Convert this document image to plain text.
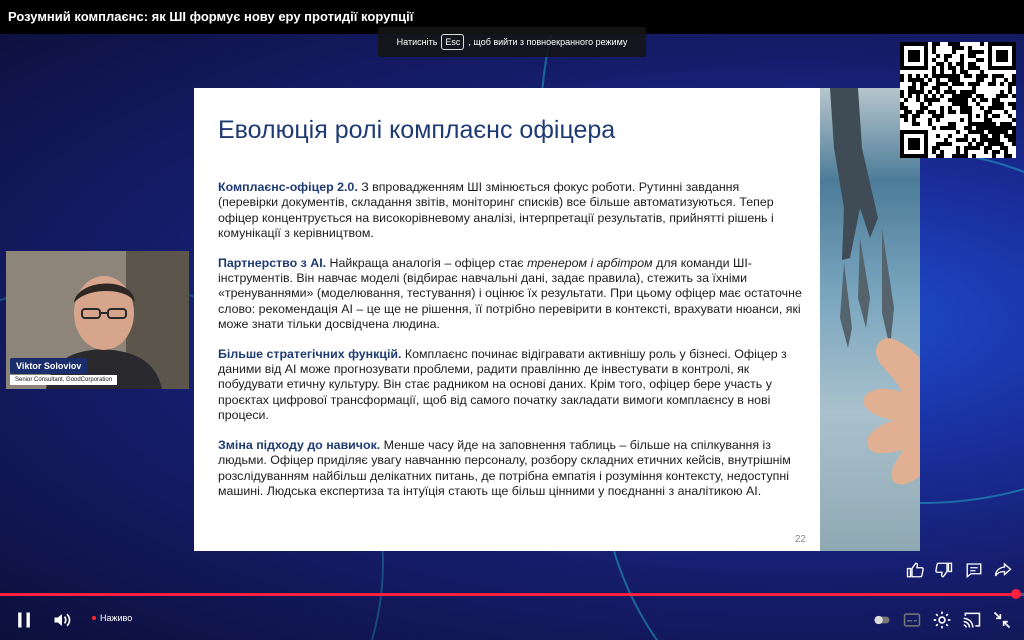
Еволюція ролі комплаєнс офіцера

Комплаєнс-офіцер 2.0. З впровадженням ШІ змінюється фокус роботи. Рутинні завдання (перевірки документів, складання звітів, моніторинг списків) все більше автоматизуються. Тепер офіцер концентрується на високорівневому аналізі, інтерпретації результатів, прийнятті рішень і комунікації з керівництвом.

Партнерство з АІ. Найкраща аналогія – офіцер стає тренером і арбітром для команди ШІ-інструментів. Він навчає моделі (відбирає навчальні дані, задає правила), стежить за їхніми «тренуваннями» (моделювання, тестування) і оцінює їх результати. При цьому офіцер має остаточне слово: рекомендація АІ – це ще не рішення, її потрібно перевірити в контексті, врахувати нюанси, які може знати тільки досвідчена людина.

Більше стратегічних функцій. Комплаєнс починає відігравати активнішу роль у бізнесі. Офіцер з даними від АІ може прогнозувати проблеми, радити правлінню де інвестувати в контролі, як побудувати етичну культуру. Він стає радником на основі даних. Крім того, офіцер бере участь у проєктах цифрової трансформації, щоб від самого початку закладати вимоги комплаєнсу в нові процеси.

Зміна підходу до навичок. Менше часу йде на заповнення таблиць – більше на спілкування із людьми. Офіцер приділяє увагу навчанню персоналу, розбору складних етичних кейсів, внутрішнім розслідуванням найбільш делікатних питань, де потрібна емпатія і розуміння контексту, недоступні машині. Людська експертиза та інтуїція стають ще більш цінними у поєднанні з аналітикою АІ.

22
Viktor Soloviov
Senior Consultant, GoodCorporation
Розумний комплаєнс: як ШІ формує нову еру протидії корупції
Натисніть Esc , щоб вийти з повноекранного режиму
Наживо
